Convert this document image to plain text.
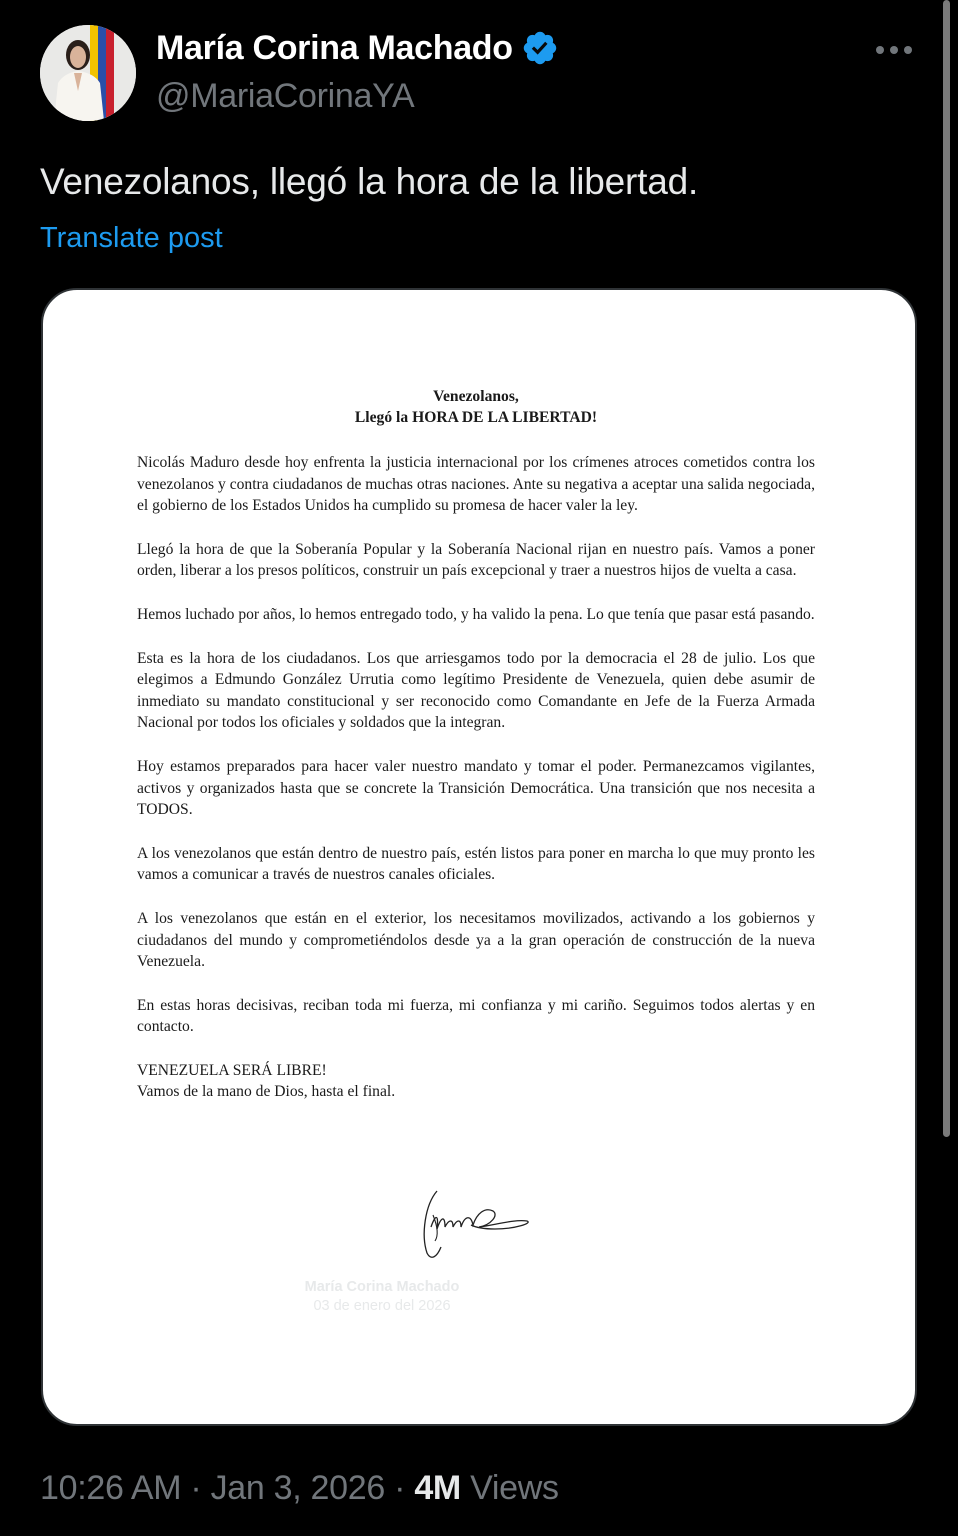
María Corina Machado
@MariaCorinaYA
Venezolanos, llegó la hora de la libertad.
Translate post
Venezolanos,
Llegó la HORA DE LA LIBERTAD!

Nicolás Maduro desde hoy enfrenta la justicia internacional por los crímenes atroces cometidos contra los venezolanos y contra ciudadanos de muchas otras naciones. Ante su negativa a aceptar una salida negociada, el gobierno de los Estados Unidos ha cumplido su promesa de hacer valer la ley.

Llegó la hora de que la Soberanía Popular y la Soberanía Nacional rijan en nuestro país. Vamos a poner orden, liberar a los presos políticos, construir un país excepcional y traer a nuestros hijos de vuelta a casa.

Hemos luchado por años, lo hemos entregado todo, y ha valido la pena. Lo que tenía que pasar está pasando.

Esta es la hora de los ciudadanos. Los que arriesgamos todo por la democracia el 28 de julio. Los que elegimos a Edmundo González Urrutia como legítimo Presidente de Venezuela, quien debe asumir de inmediato su mandato constitucional y ser reconocido como Comandante en Jefe de la Fuerza Armada Nacional por todos los oficiales y soldados que la integran.

Hoy estamos preparados para hacer valer nuestro mandato y tomar el poder. Permanezcamos vigilantes, activos y organizados hasta que se concrete la Transición Democrática. Una transición que nos necesita a TODOS.

A los venezolanos que están dentro de nuestro país, estén listos para poner en marcha lo que muy pronto les vamos a comunicar a través de nuestros canales oficiales.

A los venezolanos que están en el exterior, los necesitamos movilizados, activando a los gobiernos y ciudadanos del mundo y comprometiéndolos desde ya a la gran operación de construcción de la nueva Venezuela.

En estas horas decisivas, reciban toda mi fuerza, mi confianza y mi cariño. Seguimos todos alertas y en contacto.

VENEZUELA SERÁ LIBRE!
Vamos de la mano de Dios, hasta el final.
María Corina Machado
03 de enero del 2026
10:26 AM · Jan 3, 2026 · 4M Views
